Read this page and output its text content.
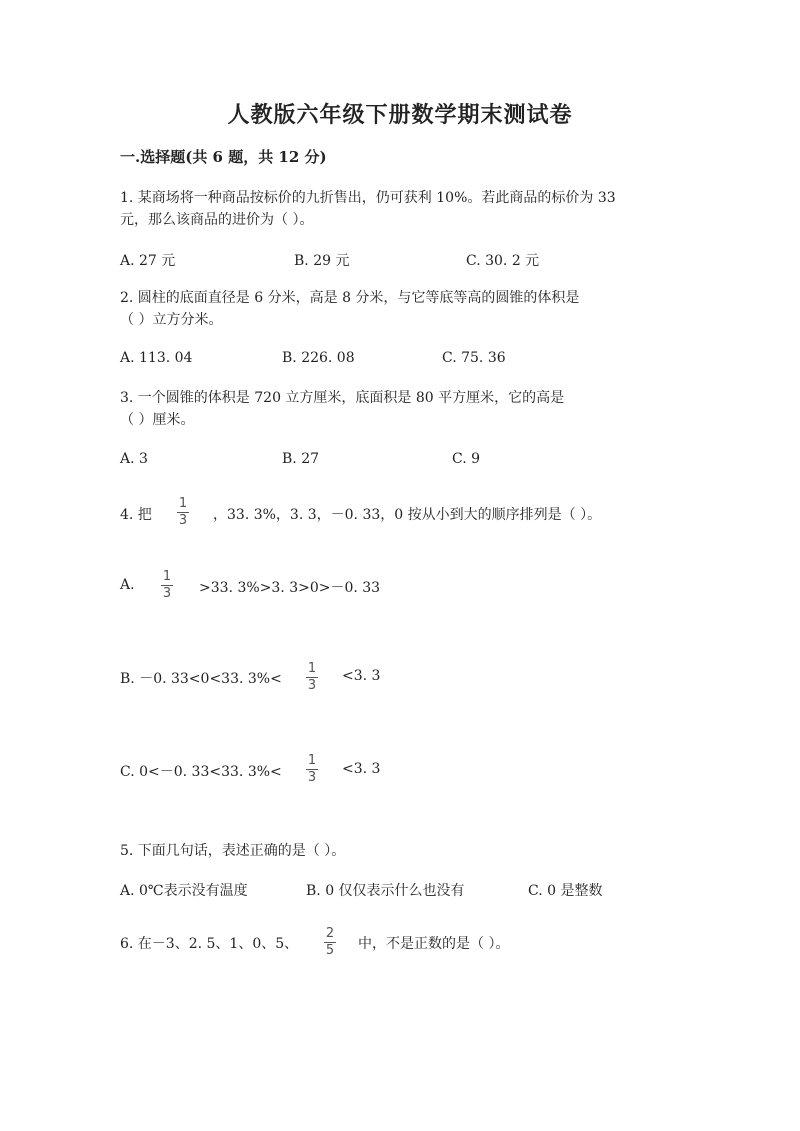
人教版六年级下册数学期末测试卷
一.选择题(共 6 题，共 12 分)
1. 某商场将一种商品按标价的九折售出，仍可获利 10%。若此商品的标价为 33
元，那么该商品的进价为（ ）。
A. 27 元	B. 29 元	C. 30. 2 元
2. 圆柱的底面直径是 6 分米，高是 8 分米，与它等底等高的圆锥的体积是
（ ）立方分米。
A. 113. 04	B. 226. 08	C. 75. 36
3. 一个圆锥的体积是 720 立方厘米，底面积是 80 平方厘米，它的高是
（ ）厘米。
A. 3	B. 27	C. 9
4. 把
1
3 ，33. 3%，3. 3，－0. 33，0 按从小到大的顺序排列是（ ）。
A.
1
3 >33. 3%>3. 3>0>－0. 33
B. －0. 33<0<33. 3%<
1
3
<3. 3
C. 0<－0. 33<33. 3%<
1
3
<3. 3
5. 下面几句话，表述正确的是（ ）。
A. 0℃表示没有温度	B. 0 仅仅表示什么也没有	C. 0 是整数
6. 在－3、2. 5、1、0、5、
2
5 中，不是正数的是（ ）。
